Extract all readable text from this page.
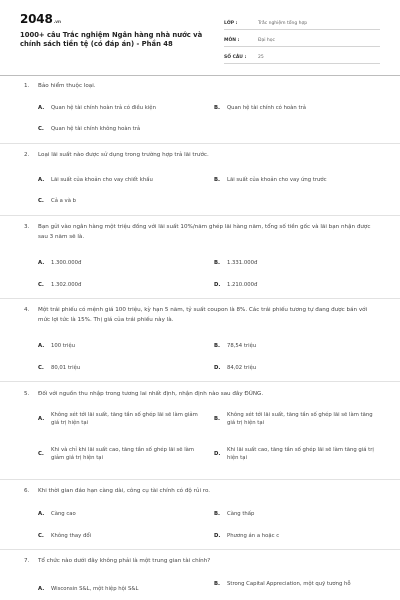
2048.vn
1000+ câu Trắc nghiệm Ngân hàng nhà nước và chính sách tiền tệ (có đáp án) - Phần 48
LỚP :	Trắc nghiệm tổng hợp
MÔN :	Đại học
SỐ CÂU :	25
1. Bảo hiểm thuộc loại.
A.	Quan hệ tài chính hoàn trả có điều kiện	B.	Quan hệ tài chính có hoàn trả
C.	Quan hệ tài chính không hoàn trả
2. Loại lãi suất nào được sử dụng trong trường hợp trả lãi trước.
A.	Lãi suất của khoản cho vay chiết khấu	B.	Lãi suất của khoản cho vay ứng trước
C.	Cả a và b
3.	Bạn gửi vào ngân hàng một triệu đồng với lãi suất 10%/năm ghép lãi hàng năm, tổng số tiền gốc và lãi bạn nhận được sau 3 năm sẽ là.
A.	1.300.000đ	B.	1.331.000đ
C.	1.302.000đ	D.	1.210.000đ
4.	Một trái phiếu có mệnh giá 100 triệu, kỳ hạn 5 năm, tỷ suất coupon là 8%. Các trái phiếu tương tự đang được bán với mức lợi tức là 15%. Thị giá của trái phiếu này là.
A.	100 triệu	B.	78,54 triệu
C.	80,01 triệu	D.	84,02 triệu
5. Đối với nguồn thu nhập trong tương lai nhất định, nhận định nào sau đây ĐÚNG.
A.
Không xét tới lãi suất, tăng tần số ghép lãi sẽ làm giảm giá trị hiện tại
B.
Không xét tới lãi suất, tăng tần số ghép lãi sẽ làm tăng giá trị hiện tại
C.
Khi và chỉ khi lãi suất cao, tăng tần số ghép lãi sẽ làm giảm giá trị hiện tại
D.
Khi lãi suất cao, tăng tần số ghép lãi sẽ làm tăng giá trị hiện tại
6. Khi thời gian đáo hạn càng dài, công cụ tài chính có độ rủi ro.
A.	Càng cao	B.	Càng thấp
C.	Không thay đổi	D.	Phương án a hoặc c
7. Tổ chức nào dưới đây không phải là một trung gian tài chính?
A.	Wisconsin S&L, một hiệp hội S&L
B.	Strong Capital Appreciation, một quỹ tương hỗ
